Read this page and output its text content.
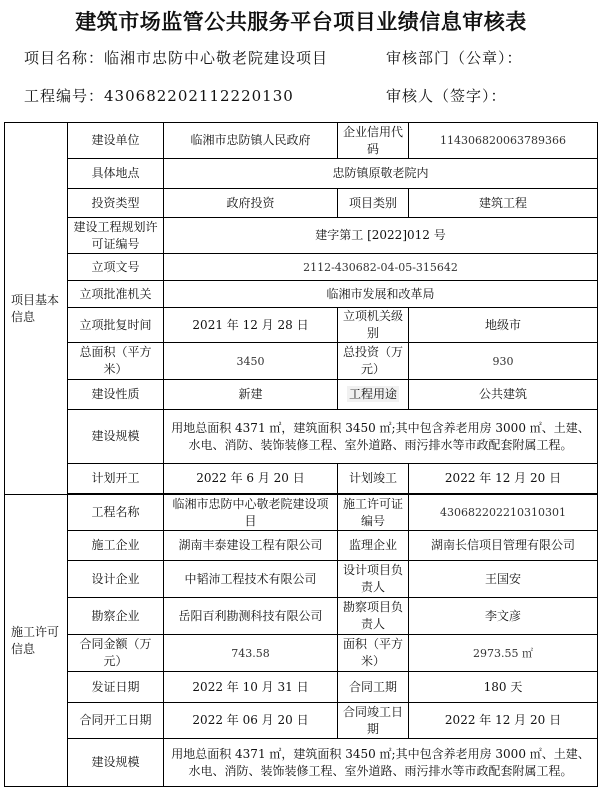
建筑市场监管公共服务平台项目业绩信息审核表
项目名称：临湘市忠防中心敬老院建设项目	审核部门（公章）：
工程编号：430682202112220130	审核人（签字）：
项目基本信息	建设单位	临湘市忠防镇人民政府	企业信用代码	114306820063789366
	具体地点	忠防镇原敬老院内		
	投资类型	政府投资	项目类别	建筑工程
	建设工程规划许可证编号	建字第工 [2022]012 号		
	立项文号	2112-430682-04-05-315642		
	立项批准机关	临湘市发展和改革局		
	立项批复时间	2021 年 12 月 28 日	立项机关级别	地级市
	总面积（平方米）	3450	总投资（万元）	930
	建设性质	新建	工程用途	公共建筑
	建设规模	用地总面积 4371 ㎡，建筑面积 3450 ㎡;其中包含养老用房 3000 ㎡、土建、水电、消防、装饰装修工程、室外道路、雨污排水等市政配套附属工程。		
	计划开工	2022 年 6 月 20 日	计划竣工	2022 年 12 月 20 日

施工许可信息	工程名称	临湘市忠防中心敬老院建设项目	施工许可证编号	430682202210310301
	施工企业	湖南丰泰建设工程有限公司	监理企业	湖南长信项目管理有限公司
	设计企业	中韬沛工程技术有限公司	设计项目负责人	王国安
	勘察企业	岳阳百利勘测科技有限公司	勘察项目负责人	李文彦
	合同金额（万元）	743.58	面积（平方米）	2973.55 ㎡
	发证日期	2022 年 10 月 31 日	合同工期	180 天
	合同开工日期	2022 年 06 月 20 日	合同竣工日期	2022 年 12 月 20 日
	建设规模	用地总面积 4371 ㎡，建筑面积 3450 ㎡;其中包含养老用房 3000 ㎡、土建、水电、消防、装饰装修工程、室外道路、雨污排水等市政配套附属工程。		
